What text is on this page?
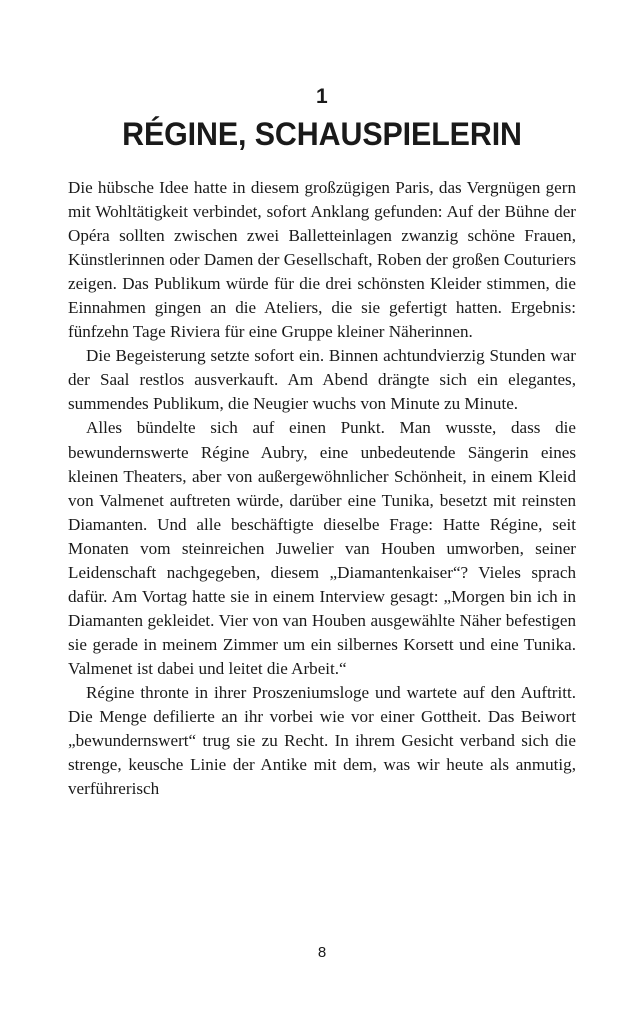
1
RÉGINE, SCHAUSPIELERIN

Die hübsche Idee hatte in diesem großzügigen Paris, das Vergnügen gern mit Wohltätigkeit verbindet, sofort Anklang gefunden: Auf der Bühne der Opéra sollten zwischen zwei Balletteinlagen zwanzig schöne Frauen, Künstlerinnen oder Damen der Gesellschaft, Roben der großen Couturiers zeigen. Das Publikum würde für die drei schönsten Kleider stimmen, die Einnahmen gingen an die Ateliers, die sie gefertigt hatten. Ergebnis: fünfzehn Tage Riviera für eine Gruppe kleiner Näherinnen.

Die Begeisterung setzte sofort ein. Binnen achtundvierzig Stunden war der Saal restlos ausverkauft. Am Abend drängte sich ein elegantes, summendes Publikum, die Neugier wuchs von Minute zu Minute.

Alles bündelte sich auf einen Punkt. Man wusste, dass die bewundernswerte Régine Aubry, eine unbedeutende Sängerin eines kleinen Theaters, aber von außergewöhnlicher Schönheit, in einem Kleid von Valmenet auftreten würde, darüber eine Tunika, besetzt mit reinsten Diamanten. Und alle beschäftigte dieselbe Frage: Hatte Régine, seit Monaten vom steinreichen Juwelier van Houben umworben, seiner Leidenschaft nachgegeben, diesem „Diamantenkaiser“? Vieles sprach dafür. Am Vortag hatte sie in einem Interview gesagt: „Morgen bin ich in Diamanten gekleidet. Vier von van Houben ausgewählte Näher befestigen sie gerade in meinem Zimmer um ein silbernes Korsett und eine Tunika. Valmenet ist dabei und leitet die Arbeit.“

Régine thronte in ihrer Proszeniumsloge und wartete auf den Auftritt. Die Menge defilierte an ihr vorbei wie vor einer Gottheit. Das Beiwort „bewundernswert“ trug sie zu Recht. In ihrem Gesicht verband sich die strenge, keusche Linie der Antike mit dem, was wir heute als anmutig, verführerisch

8
